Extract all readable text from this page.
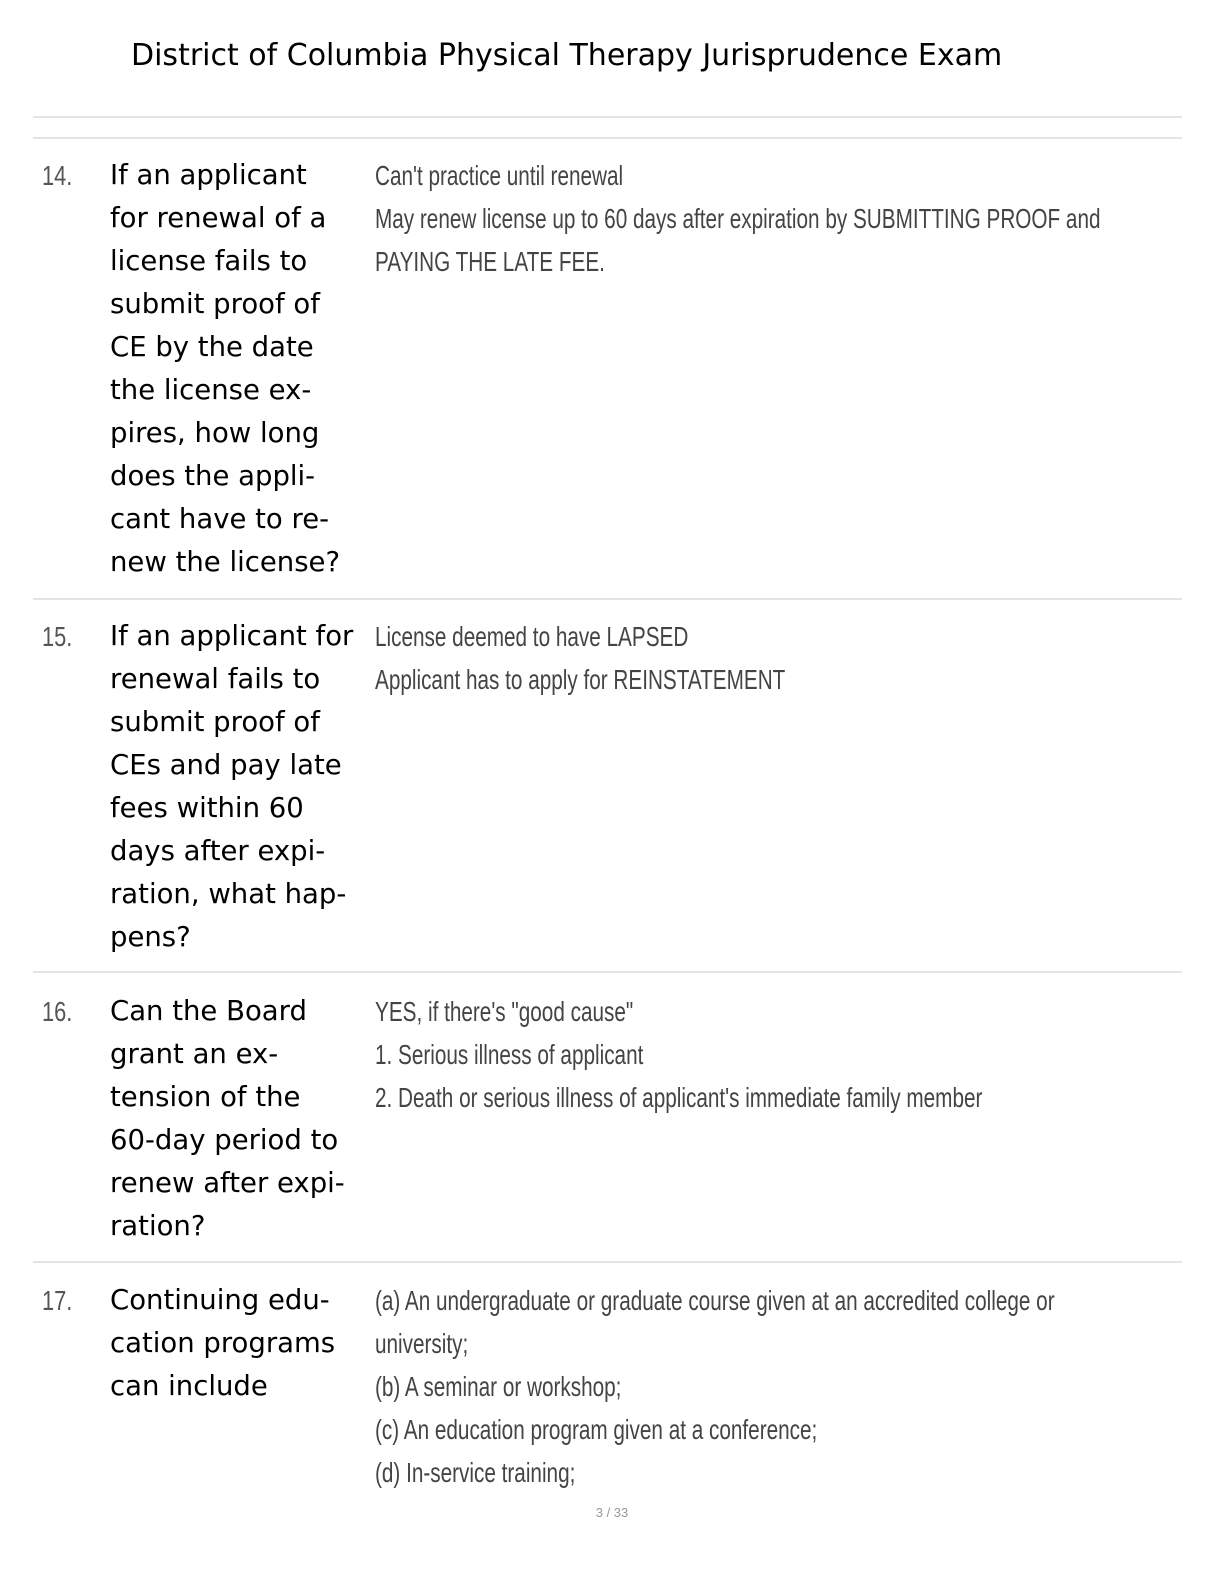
District of Columbia Physical Therapy Jurisprudence Exam
14. If an applicant
for renewal of a
license fails to
submit proof of
CE by the date
the license ex-
pires, how long
does the appli-
cant have to re-
new the license?
Can't practice until renewal
May renew license up to 60 days after expiration by SUBMITTING PROOF and
PAYING THE LATE FEE.
15. If an applicant for
renewal fails to
submit proof of
CEs and pay late
fees within 60
days after expi-
ration, what hap-
pens?
License deemed to have LAPSED
Applicant has to apply for REINSTATEMENT
16. Can the Board
grant an ex-
tension of the
60-day period to
renew after expi-
ration?
YES, if there's "good cause"
1. Serious illness of applicant
2. Death or serious illness of applicant's immediate family member
17. Continuing edu-
cation programs
can include
(a) An undergraduate or graduate course given at an accredited college or
university;
(b) A seminar or workshop;
(c) An education program given at a conference;
(d) In-service training;
3 / 33
